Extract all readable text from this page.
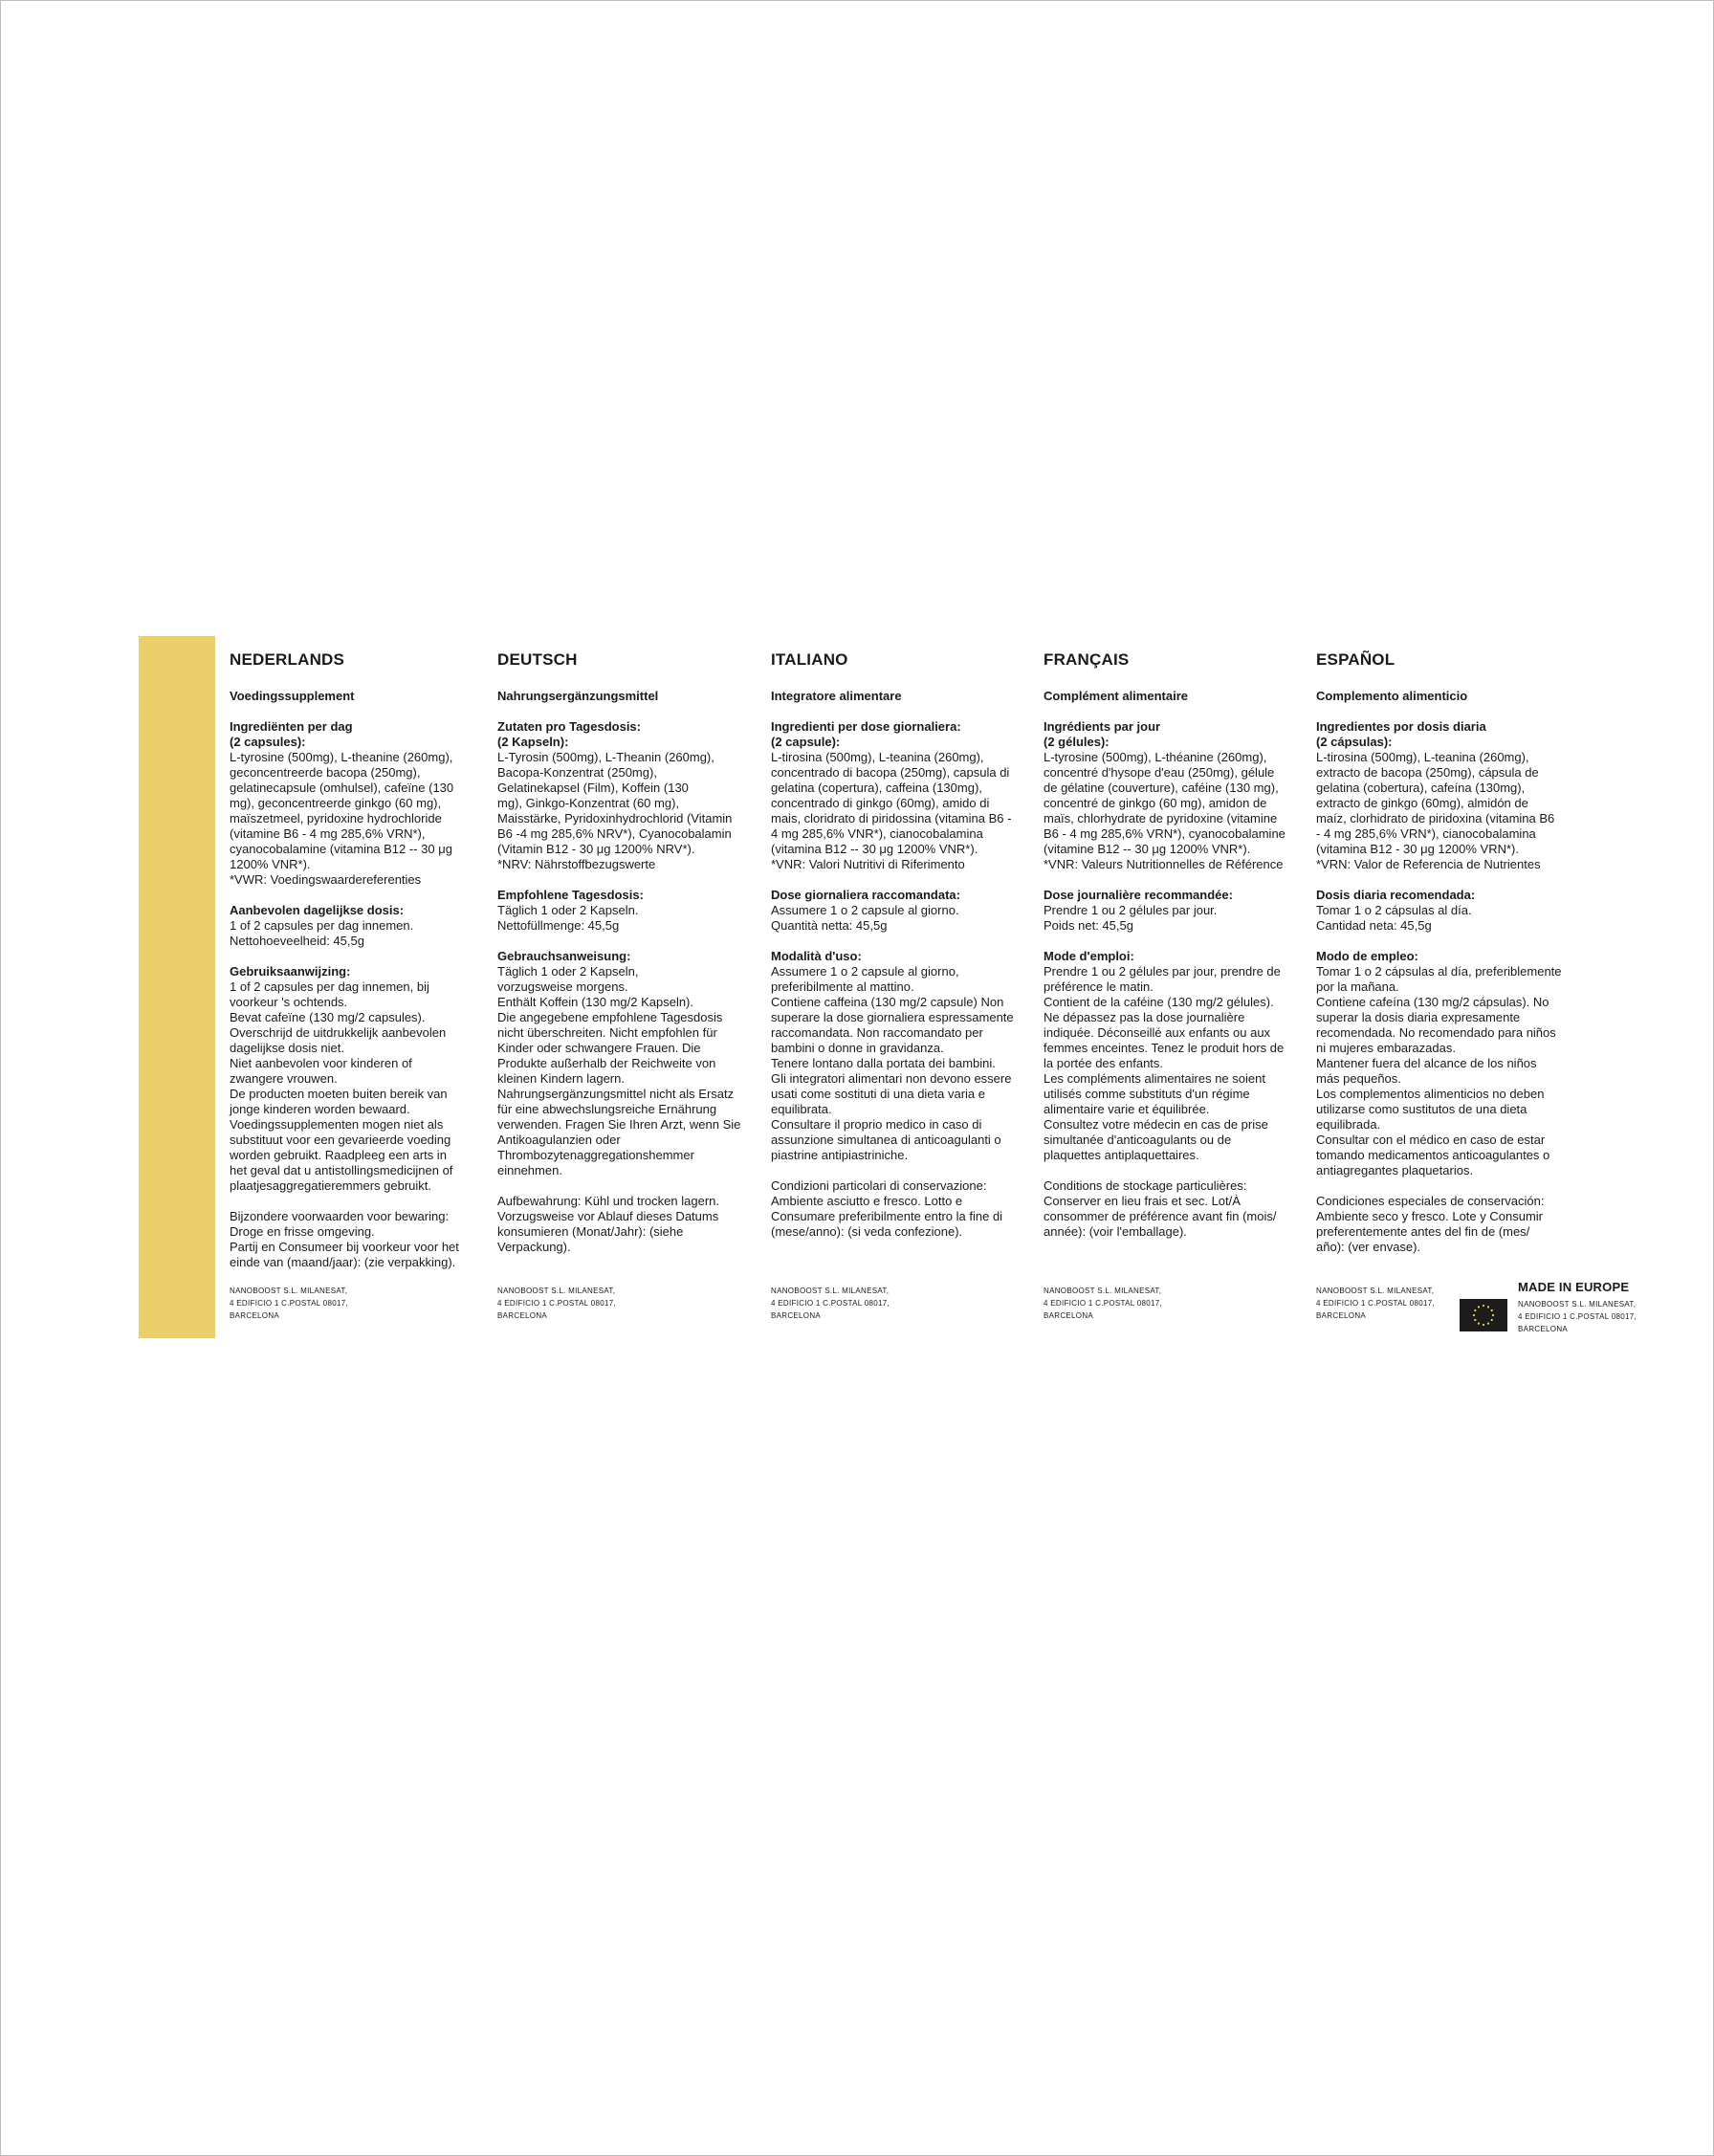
NEDERLANDS
Voedingssupplement
Ingrediënten per dag
(2 capsules):
L-tyrosine (500mg), L-theanine (260mg),
geconcentreerde bacopa (250mg),
gelatinecapsule (omhulsel), cafeïne (130
mg), geconcentreerde ginkgo (60 mg),
maïszetmeel, pyridoxine hydrochloride
(vitamine B6 - 4 mg 285,6% VRN*),
cyanocobalamine (vitamina B12 -- 30 μg
1200% VNR*).
*VWR: Voedingswaardereferenties
Aanbevolen dagelijkse dosis:
1 of 2 capsules per dag innemen.
Nettohoeveelheid: 45,5g
Gebruiksaanwijzing:
1 of 2 capsules per dag innemen, bij
voorkeur 's ochtends.
Bevat cafeïne (130 mg/2 capsules).
Overschrijd de uitdrukkelijk aanbevolen
dagelijkse dosis niet.
Niet aanbevolen voor kinderen of
zwangere vrouwen.
De producten moeten buiten bereik van
jonge kinderen worden bewaard.
Voedingssupplementen mogen niet als
substituut voor een gevarieerde voeding
worden gebruikt. Raadpleeg een arts in
het geval dat u antistollingsmedicijnen of
plaatjesaggregatieremmers gebruikt.
Bijzondere voorwaarden voor bewaring:
Droge en frisse omgeving.
Partij en Consumeer bij voorkeur voor het
einde van (maand/jaar): (zie verpakking).
DEUTSCH
Nahrungsergänzungsmittel
Zutaten pro Tagesdosis:
(2 Kapseln):
L-Tyrosin (500mg), L-Theanin (260mg),
Bacopa-Konzentrat (250mg),
Gelatinekapsel (Film), Koffein (130
mg), Ginkgo-Konzentrat (60 mg),
Maisstärke, Pyridoxinhydrochlorid (Vitamin
B6 -4 mg 285,6% NRV*), Cyanocobalamin
(Vitamin B12 - 30 μg 1200% NRV*).
*NRV: Nährstoffbezugswerte
Empfohlene Tagesdosis:
Täglich 1 oder 2 Kapseln.
Nettofüllmenge: 45,5g
Gebrauchsanweisung:
Täglich 1 oder 2 Kapseln,
vorzugsweise morgens.
Enthält Koffein (130 mg/2 Kapseln).
Die angegebene empfohlene Tagesdosis
nicht überschreiten. Nicht empfohlen für
Kinder oder schwangere Frauen. Die
Produkte außerhalb der Reichweite von
kleinen Kindern lagern.
Nahrungsergänzungsmittel nicht als Ersatz
für eine abwechslungsreiche Ernährung
verwenden. Fragen Sie Ihren Arzt, wenn Sie
Antikoagulanzien oder
Thrombozytenaggregationshemmer
einnehmen.
Aufbewahrung: Kühl und trocken lagern.
Vorzugsweise vor Ablauf dieses Datums
konsumieren (Monat/Jahr): (siehe
Verpackung).
ITALIANO
Integratore alimentare
Ingredienti per dose giornaliera:
(2 capsule):
L-tirosina (500mg), L-teanina (260mg),
concentrado di bacopa (250mg), capsula di
gelatina (copertura), caffeina (130mg),
concentrado di ginkgo (60mg), amido di
mais, cloridrato di piridossina (vitamina B6 -
4 mg 285,6% VNR*), cianocobalamina
(vitamina B12 -- 30 μg 1200% VNR*).
*VNR: Valori Nutritivi di Riferimento
Dose giornaliera raccomandata:
Assumere 1 o 2 capsule al giorno.
Quantità netta: 45,5g
Modalità d'uso:
Assumere 1 o 2 capsule al giorno,
preferibilmente al mattino.
Contiene caffeina (130 mg/2 capsule) Non
superare la dose giornaliera espressamente
raccomandata. Non raccomandato per
bambini o donne in gravidanza.
Tenere lontano dalla portata dei bambini.
Gli integratori alimentari non devono essere
usati come sostituti di una dieta varia e
equilibrata.
Consultare il proprio medico in caso di
assunzione simultanea di anticoagulanti o
piastrine antipiastriniche.
Condizioni particolari di conservazione:
Ambiente asciutto e fresco. Lotto e
Consumare preferibilmente entro la fine di
(mese/anno): (si veda confezione).
FRANÇAIS
Complément alimentaire
Ingrédients par jour
(2 gélules):
L-tyrosine (500mg), L-théanine (260mg),
concentré d'hysope d'eau (250mg), gélule
de gélatine (couverture), caféine (130 mg),
concentré de ginkgo (60 mg), amidon de
maïs, chlorhydrate de pyridoxine (vitamine
B6 - 4 mg 285,6% VRN*), cyanocobalamine
(vitamine B12 -- 30 μg 1200% VNR*).
*VNR: Valeurs Nutritionnelles de Référence
Dose journalière recommandée:
Prendre 1 ou 2 gélules par jour.
Poids net: 45,5g
Mode d'emploi:
Prendre 1 ou 2 gélules par jour, prendre de
préférence le matin.
Contient de la caféine (130 mg/2 gélules).
Ne dépassez pas la dose journalière
indiquée. Déconseillé aux enfants ou aux
femmes enceintes. Tenez le produit hors de
la portée des enfants.
Les compléments alimentaires ne soient
utilisés comme substituts d'un régime
alimentaire varie et équilibrée.
Consultez votre médecin en cas de prise
simultanée d'anticoagulants ou de
plaquettes antiplaquettaires.
Conditions de stockage particulières:
Conserver en lieu frais et sec. Lot/À
consommer de préférence avant fin (mois/
année): (voir l'emballage).
ESPAÑOL
Complemento alimenticio
Ingredientes por dosis diaria
(2 cápsulas):
L-tirosina (500mg), L-teanina (260mg),
extracto de bacopa (250mg), cápsula de
gelatina (cobertura), cafeína (130mg),
extracto de ginkgo (60mg), almidón de
maíz, clorhidrato de piridoxina (vitamina B6
- 4 mg 285,6% VRN*), cianocobalamina
(vitamina B12 - 30 μg 1200% VRN*).
*VRN: Valor de Referencia de Nutrientes
Dosis diaria recomendada:
Tomar 1 o 2 cápsulas al día.
Cantidad neta: 45,5g
Modo de empleo:
Tomar 1 o 2 cápsulas al día, preferiblemente
por la mañana.
Contiene cafeína (130 mg/2 cápsulas). No
superar la dosis diaria expresamente
recomendada. No recomendado para niños
ni mujeres embarazadas.
Mantener fuera del alcance de los niños
más pequeños.
Los complementos alimenticios no deben
utilizarse como sustitutos de una dieta
equilibrada.
Consultar con el médico en caso de estar
tomando medicamentos anticoagulantes o
antiagregantes plaquetarios.
Condiciones especiales de conservación:
Ambiente seco y fresco. Lote y Consumir
preferentemente antes del fin de (mes/
año): (ver envase).
MADE IN EUROPE
NANOBOOST S.L. MILANESAT,
4 EDIFICIO 1 C.POSTAL 08017,
BARCELONA
NANOBOOST S.L. MILANESAT,
4 EDIFICIO 1 C.POSTAL 08017,
BARCELONA
NANOBOOST S.L. MILANESAT,
4 EDIFICIO 1 C.POSTAL 08017,
BARCELONA
NANOBOOST S.L. MILANESAT,
4 EDIFICIO 1 C.POSTAL 08017,
BARCELONA
NANOBOOST S.L. MILANESAT,
4 EDIFICIO 1 C.POSTAL 08017,
BARCELONA
NANOBOOST S.L. MILANESAT,
4 EDIFICIO 1 C.POSTAL 08017,
BARCELONA
